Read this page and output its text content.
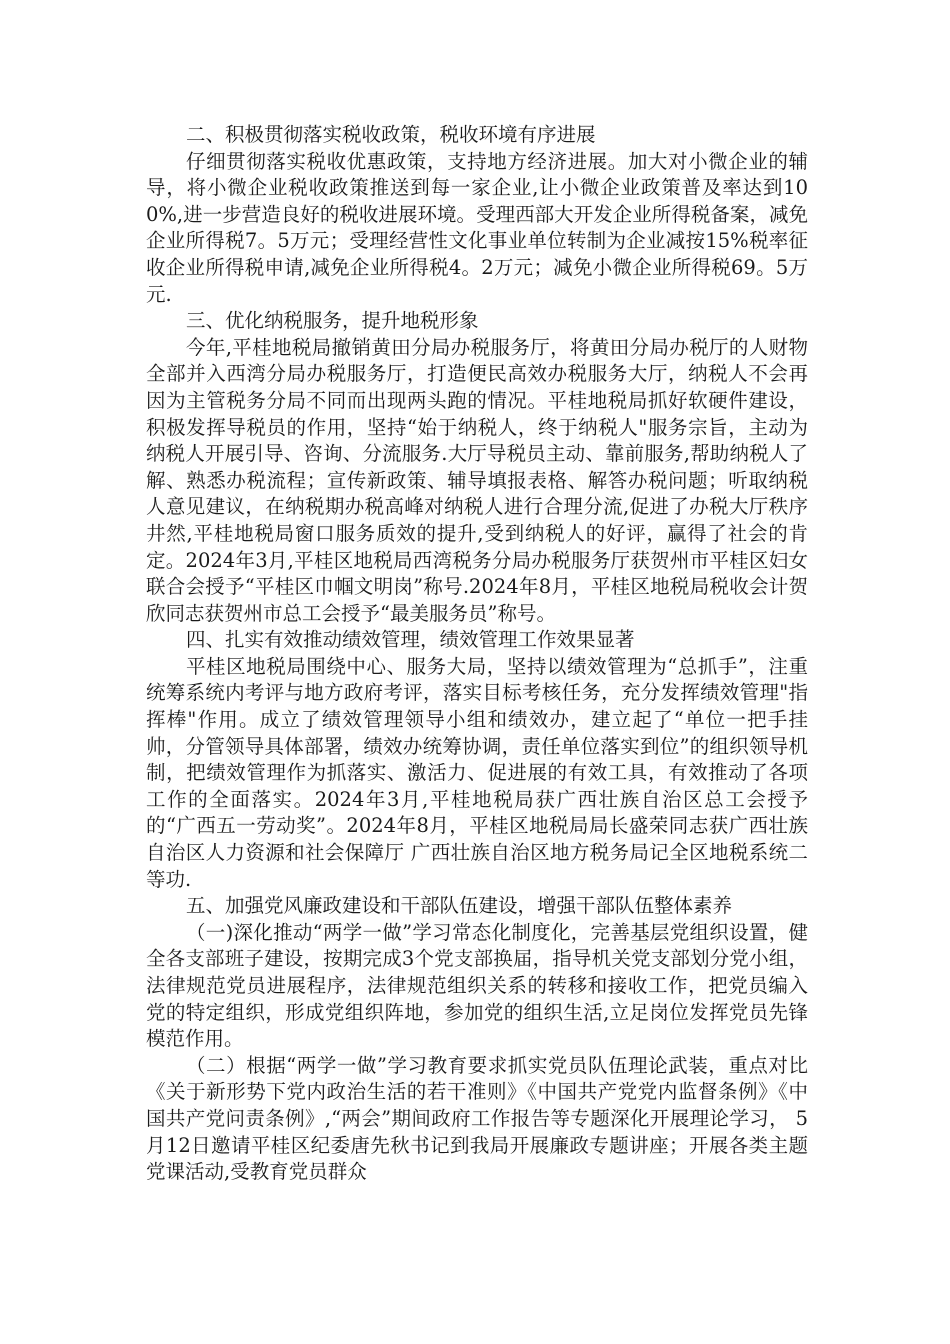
二、积极贯彻落实税收政策，税收环境有序进展

仔细贯彻落实税收优惠政策，支持地方经济进展。加大对小微企业的辅导，将小微企业税收政策推送到每一家企业,让小微企业政策普及率达到100%,进一步营造良好的税收进展环境。受理西部大开发企业所得税备案，减免企业所得税7。5万元；受理经营性文化事业单位转制为企业减按15%税率征收企业所得税申请,减免企业所得税4。2万元；减免小微企业所得税69。5万元.

三、优化纳税服务，提升地税形象

今年,平桂地税局撤销黄田分局办税服务厅，将黄田分局办税厅的人财物全部并入西湾分局办税服务厅，打造便民高效办税服务大厅，纳税人不会再因为主管税务分局不同而出现两头跑的情况。平桂地税局抓好软硬件建设，积极发挥导税员的作用，坚持“始于纳税人，终于纳税人"服务宗旨，主动为纳税人开展引导、咨询、分流服务.大厅导税员主动、靠前服务,帮助纳税人了解、熟悉办税流程；宣传新政策、辅导填报表格、解答办税问题；听取纳税人意见建议，在纳税期办税高峰对纳税人进行合理分流,促进了办税大厅秩序井然,平桂地税局窗口服务质效的提升,受到纳税人的好评，赢得了社会的肯定。2024年3月,平桂区地税局西湾税务分局办税服务厅获贺州市平桂区妇女联合会授予“平桂区巾帼文明岗”称号.2024年8月，平桂区地税局税收会计贺欣同志获贺州市总工会授予“最美服务员”称号。

四、扎实有效推动绩效管理，绩效管理工作效果显著

平桂区地税局围绕中心、服务大局，坚持以绩效管理为“总抓手”，注重统筹系统内考评与地方政府考评，落实目标考核任务，充分发挥绩效管理"指挥棒"作用。成立了绩效管理领导小组和绩效办，建立起了“单位一把手挂帅，分管领导具体部署，绩效办统筹协调，责任单位落实到位”的组织领导机制，把绩效管理作为抓落实、激活力、促进展的有效工具，有效推动了各项工作的全面落实。2024年3月,平桂地税局获广西壮族自治区总工会授予的“广西五一劳动奖”。2024年8月，平桂区地税局局长盛荣同志获广西壮族自治区人力资源和社会保障厅 广西壮族自治区地方税务局记全区地税系统二等功.

五、加强党风廉政建设和干部队伍建设，增强干部队伍整体素养

（一)深化推动“两学一做”学习常态化制度化，完善基层党组织设置，健全各支部班子建设，按期完成3个党支部换届，指导机关党支部划分党小组，法律规范党员进展程序，法律规范组织关系的转移和接收工作，把党员编入党的特定组织，形成党组织阵地，参加党的组织生活,立足岗位发挥党员先锋模范作用。

（二）根据“两学一做”学习教育要求抓实党员队伍理论武装，重点对比《关于新形势下党内政治生活的若干准则》《中国共产党党内监督条例》《中国共产党问责条例》,“两会”期间政府工作报告等专题深化开展理论学习， 5月12日邀请平桂区纪委唐先秋书记到我局开展廉政专题讲座；开展各类主题党课活动,受教育党员群众
